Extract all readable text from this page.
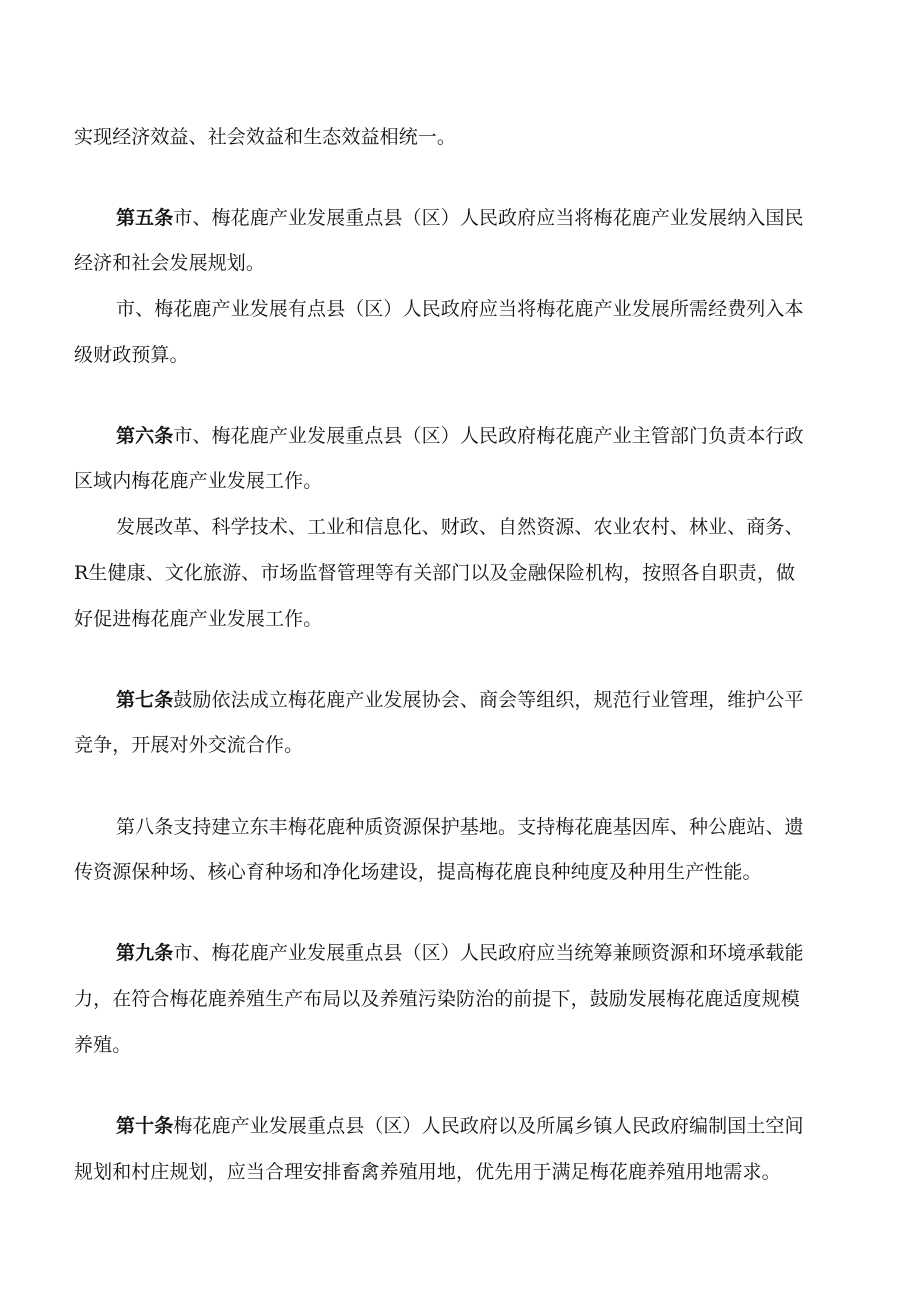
实现经济效益、社会效益和生态效益相统一。
第五条市、梅花鹿产业发展重点县（区）人民政府应当将梅花鹿产业发展纳入国民
经济和社会发展规划。
市、梅花鹿产业发展有点县（区）人民政府应当将梅花鹿产业发展所需经费列入本
级财政预算。
第六条市、梅花鹿产业发展重点县（区）人民政府梅花鹿产业主管部门负责本行政
区域内梅花鹿产业发展工作。
发展改革、科学技术、工业和信息化、财政、自然资源、农业农村、林业、商务、
R生健康、文化旅游、市场监督管理等有关部门以及金融保险机构，按照各自职责，做
好促进梅花鹿产业发展工作。
第七条鼓励依法成立梅花鹿产业发展协会、商会等组织，规范行业管理，维护公平
竞争，开展对外交流合作。
第八条支持建立东丰梅花鹿种质资源保护基地。支持梅花鹿基因库、种公鹿站、遗
传资源保种场、核心育种场和净化场建设，提高梅花鹿良种纯度及种用生产性能。
第九条市、梅花鹿产业发展重点县（区）人民政府应当统筹兼顾资源和环境承载能
力，在符合梅花鹿养殖生产布局以及养殖污染防治的前提下，鼓励发展梅花鹿适度规模
养殖。
第十条梅花鹿产业发展重点县（区）人民政府以及所属乡镇人民政府编制国土空间
规划和村庄规划，应当合理安排畜禽养殖用地，优先用于满足梅花鹿养殖用地需求。
